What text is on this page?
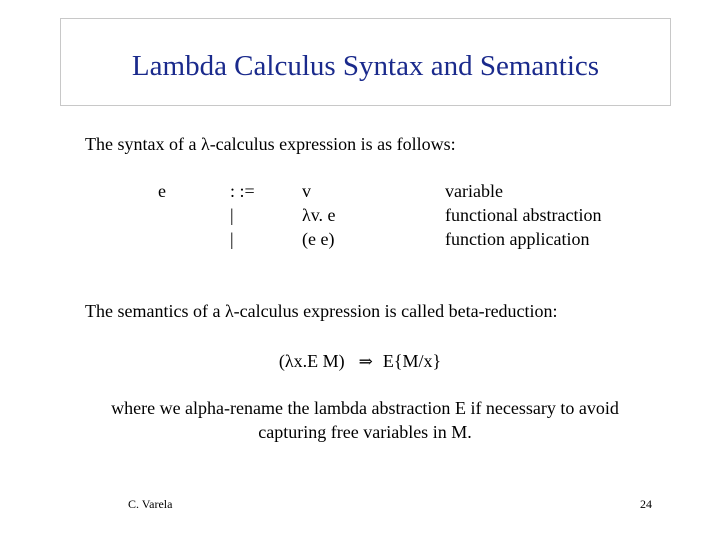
Lambda Calculus Syntax and Semantics
The syntax of a λ-calculus expression is as follows:
e	: :=
|
|
v
λv. e
(e e)
variable
functional abstraction
function application
The semantics of a λ-calculus expression is called beta-reduction:
(λx.E M) ⇒ E{M/x}
where we alpha-rename the lambda abstraction E if necessary to avoid capturing free variables in M.
C. Varela	24
